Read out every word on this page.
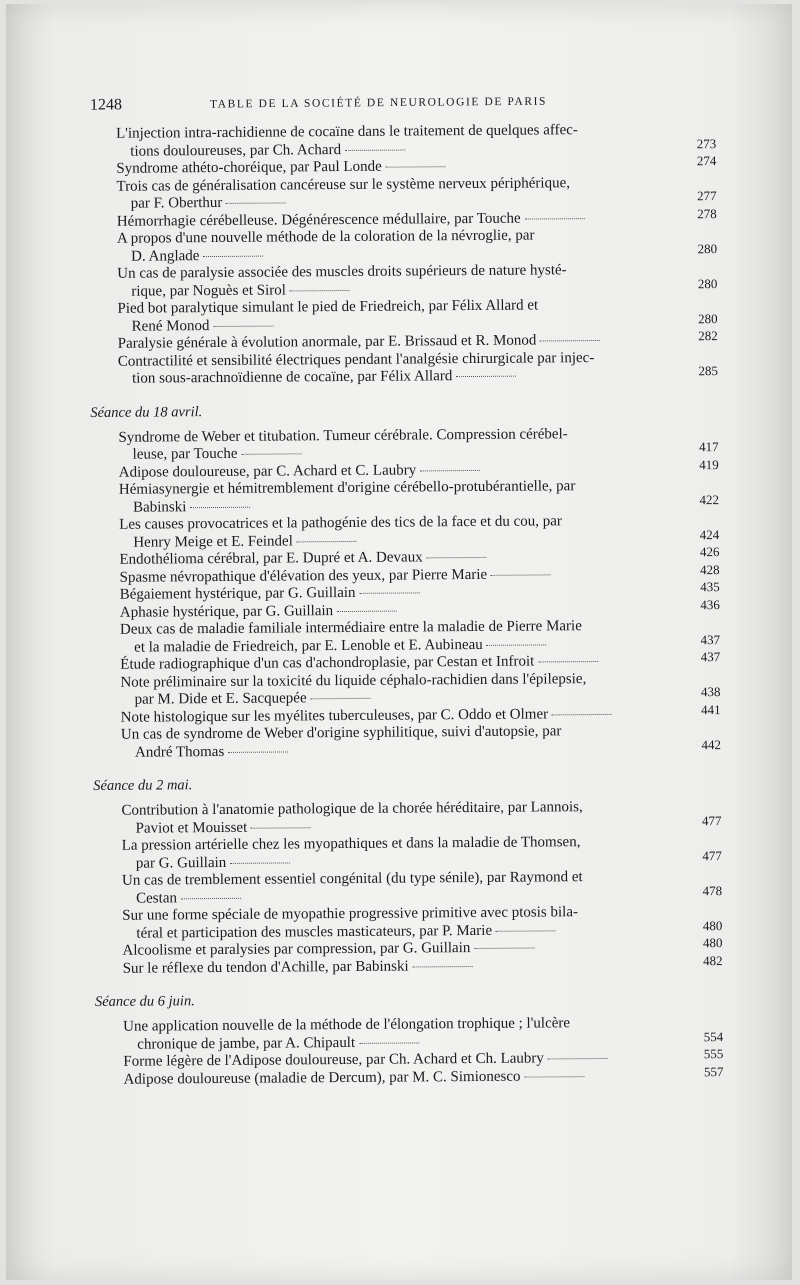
1248	TABLE DE LA SOCIÉTÉ DE NEUROLOGIE DE PARIS
L'injection intra-rachidienne de cocaïne dans le traitement de quelques affec-
tions douloureuses, par Ch. Achard	273
Syndrome athéto-choréique, par Paul Londe	274
Trois cas de généralisation cancéreuse sur le système nerveux périphérique,
par F. Oberthur	277
Hémorrhagie cérébelleuse. Dégénérescence médullaire, par Touche	278
A propos d'une nouvelle méthode de la coloration de la névroglie, par
D. Anglade	280
Un cas de paralysie associée des muscles droits supérieurs de nature hysté-
rique, par Noguès et Sirol	280
Pied bot paralytique simulant le pied de Friedreich, par Félix Allard et
René Monod	280
Paralysie générale à évolution anormale, par E. Brissaud et R. Monod	282
Contractilité et sensibilité électriques pendant l'analgésie chirurgicale par injec-
tion sous-arachnoïdienne de cocaïne, par Félix Allard	285
Séance du 18 avril.
Syndrome de Weber et titubation. Tumeur cérébrale. Compression cérébel-
leuse, par Touche	417
Adipose douloureuse, par C. Achard et C. Laubry	419
Hémiasynergie et hémitremblement d'origine cérébello-protubérantielle, par
Babinski	422
Les causes provocatrices et la pathogénie des tics de la face et du cou, par
Henry Meige et E. Feindel	424
Endothélioma cérébral, par E. Dupré et A. Devaux	426
Spasme névropathique d'élévation des yeux, par Pierre Marie	428
Bégaiement hystérique, par G. Guillain	435
Aphasie hystérique, par G. Guillain	436
Deux cas de maladie familiale intermédiaire entre la maladie de Pierre Marie
et la maladie de Friedreich, par E. Lenoble et E. Aubineau	437
Étude radiographique d'un cas d'achondroplasie, par Cestan et Infroit	437
Note préliminaire sur la toxicité du liquide céphalo-rachidien dans l'épilepsie,
par M. Dide et E. Sacquepée	438
Note histologique sur les myélites tuberculeuses, par C. Oddo et Olmer	441
Un cas de syndrome de Weber d'origine syphilitique, suivi d'autopsie, par
André Thomas	442
Séance du 2 mai.
Contribution à l'anatomie pathologique de la chorée héréditaire, par Lannois,
Paviot et Mouisset	477
La pression artérielle chez les myopathiques et dans la maladie de Thomsen,
par G. Guillain	477
Un cas de tremblement essentiel congénital (du type sénile), par Raymond et
Cestan	478
Sur une forme spéciale de myopathie progressive primitive avec ptosis bila-
téral et participation des muscles masticateurs, par P. Marie	480
Alcoolisme et paralysies par compression, par G. Guillain	480
Sur le réflexe du tendon d'Achille, par Babinski	482
Séance du 6 juin.
Une application nouvelle de la méthode de l'élongation trophique ; l'ulcère
chronique de jambe, par A. Chipault	554
Forme légère de l'Adipose douloureuse, par Ch. Achard et Ch. Laubry	555
Adipose douloureuse (maladie de Dercum), par M. C. Simionesco	557
